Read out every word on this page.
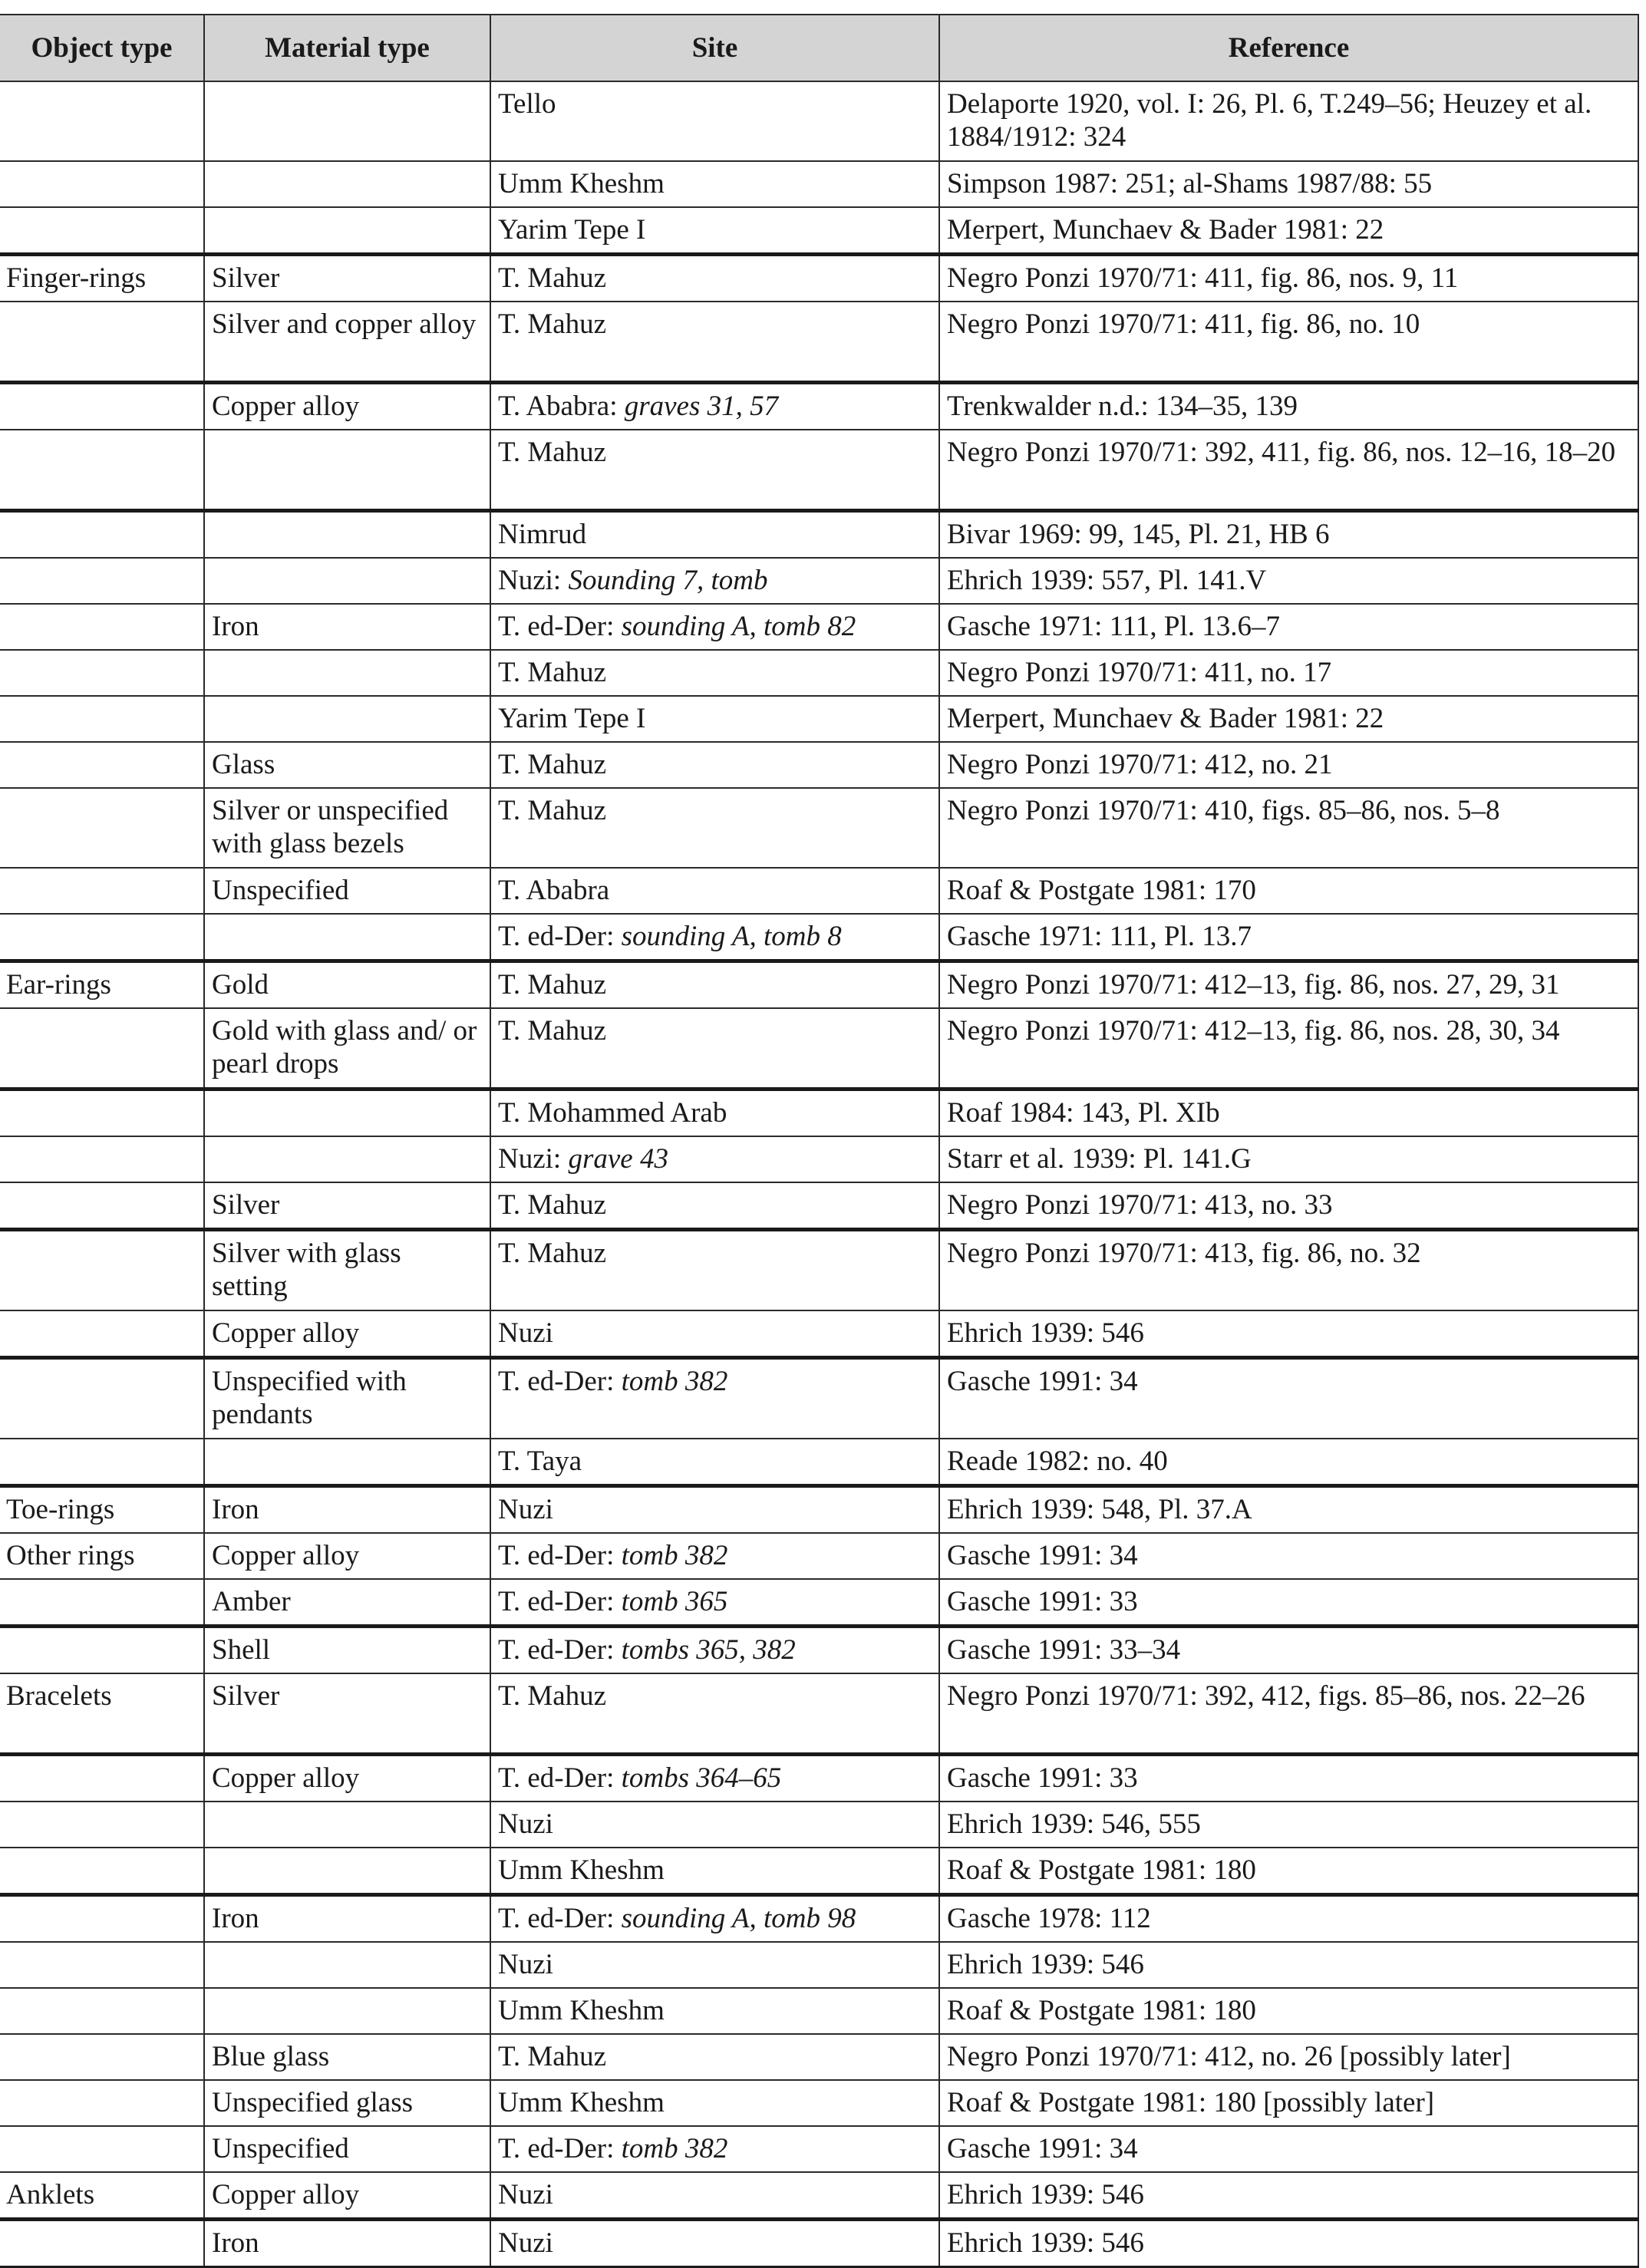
Object type	Material type	Site	Reference
		Tello	Delaporte 1920, vol. I: 26, Pl. 6, T.249–56; Heuzey et al. 1884/1912: 324
		Umm Kheshm	Simpson 1987: 251; al-Shams 1987/88: 55
		Yarim Tepe I	Merpert, Munchaev & Bader 1981: 22
Finger-rings	Silver	T. Mahuz	Negro Ponzi 1970/71: 411, fig. 86, nos. 9, 11
	Silver and copper alloy	T. Mahuz	Negro Ponzi 1970/71: 411, fig. 86, no. 10
	Copper alloy	T. Ababra: graves 31, 57	Trenkwalder n.d.: 134–35, 139
		T. Mahuz	Negro Ponzi 1970/71: 392, 411, fig. 86, nos. 12–16, 18–20
		Nimrud	Bivar 1969: 99, 145, Pl. 21, HB 6
		Nuzi: Sounding 7, tomb	Ehrich 1939: 557, Pl. 141.V
	Iron	T. ed-Der: sounding A, tomb 82	Gasche 1971: 111, Pl. 13.6–7
		T. Mahuz	Negro Ponzi 1970/71: 411, no. 17
		Yarim Tepe I	Merpert, Munchaev & Bader 1981: 22
	Glass	T. Mahuz	Negro Ponzi 1970/71: 412, no. 21
	Silver or unspecified with glass bezels	T. Mahuz	Negro Ponzi 1970/71: 410, figs. 85–86, nos. 5–8
	Unspecified	T. Ababra	Roaf & Postgate 1981: 170
		T. ed-Der: sounding A, tomb 8	Gasche 1971: 111, Pl. 13.7
Ear-rings	Gold	T. Mahuz	Negro Ponzi 1970/71: 412–13, fig. 86, nos. 27, 29, 31
	Gold with glass and/ or pearl drops	T. Mahuz	Negro Ponzi 1970/71: 412–13, fig. 86, nos. 28, 30, 34
		T. Mohammed Arab	Roaf 1984: 143, Pl. XIb
		Nuzi: grave 43	Starr et al. 1939: Pl. 141.G
	Silver	T. Mahuz	Negro Ponzi 1970/71: 413, no. 33
	Silver with glass setting	T. Mahuz	Negro Ponzi 1970/71: 413, fig. 86, no. 32
	Copper alloy	Nuzi	Ehrich 1939: 546
	Unspecified with pendants	T. ed-Der: tomb 382	Gasche 1991: 34
		T. Taya	Reade 1982: no. 40
Toe-rings	Iron	Nuzi	Ehrich 1939: 548, Pl. 37.A
Other rings	Copper alloy	T. ed-Der: tomb 382	Gasche 1991: 34
	Amber	T. ed-Der: tomb 365	Gasche 1991: 33
	Shell	T. ed-Der: tombs 365, 382	Gasche 1991: 33–34
Bracelets	Silver	T. Mahuz	Negro Ponzi 1970/71: 392, 412, figs. 85–86, nos. 22–26
	Copper alloy	T. ed-Der: tombs 364–65	Gasche 1991: 33
		Nuzi	Ehrich 1939: 546, 555
		Umm Kheshm	Roaf & Postgate 1981: 180
	Iron	T. ed-Der: sounding A, tomb 98	Gasche 1978: 112
		Nuzi	Ehrich 1939: 546
		Umm Kheshm	Roaf & Postgate 1981: 180
	Blue glass	T. Mahuz	Negro Ponzi 1970/71: 412, no. 26 [possibly later]
	Unspecified glass	Umm Kheshm	Roaf & Postgate 1981: 180 [possibly later]
	Unspecified	T. ed-Der: tomb 382	Gasche 1991: 34
Anklets	Copper alloy	Nuzi	Ehrich 1939: 546
	Iron	Nuzi	Ehrich 1939: 546
